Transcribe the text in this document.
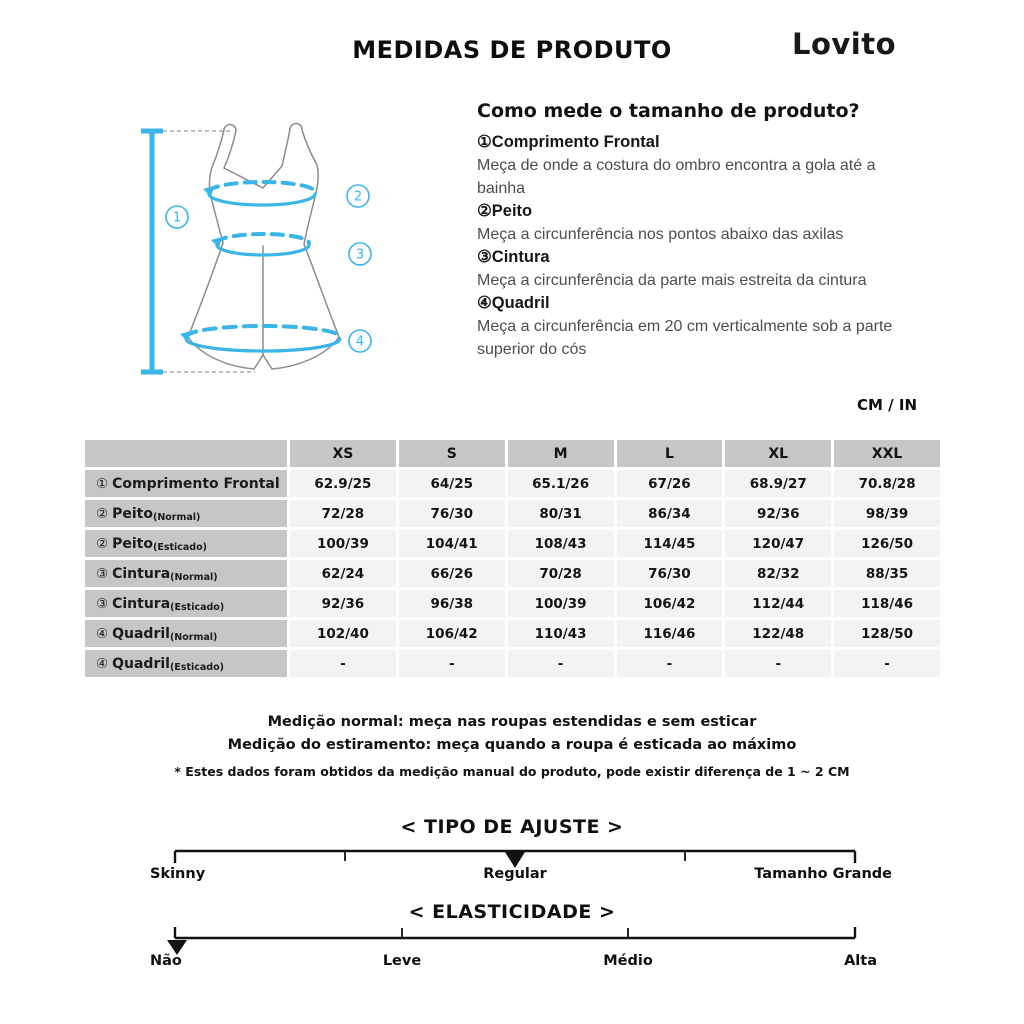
MEDIDAS DE PRODUTO	Lovito
1
2
3
4
Como mede o tamanho de produto?
①Comprimento Frontal
Meça de onde a costura do ombro encontra a gola até a bainha
②Peito
Meça a circunferência nos pontos abaixo das axilas
③Cintura
Meça a circunferência da parte mais estreita da cintura
④Quadril
Meça a circunferência em 20 cm verticalmente sob a parte superior do cós
CM / IN
XS	S	M	L	XL	XXL
① Comprimento Frontal	62.9/25	64/25	65.1/26	67/26	68.9/27	70.8/28
② Peito (Normal)	72/28	76/30	80/31	86/34	92/36	98/39
② Peito (Esticado)	100/39	104/41	108/43	114/45	120/47	126/50
③ Cintura (Normal)	62/24	66/26	70/28	76/30	82/32	88/35
③ Cintura (Esticado)	92/36	96/38	100/39	106/42	112/44	118/46
④ Quadril (Normal)	102/40	106/42	110/43	116/46	122/48	128/50
④ Quadril (Esticado)	-	-	-	-	-	-
Medição normal: meça nas roupas estendidas e sem esticar
Medição do estiramento: meça quando a roupa é esticada ao máximo
* Estes dados foram obtidos da medição manual do produto, pode existir diferença de 1 ~ 2 CM
< TIPO DE AJUSTE >
Skinny	Regular	Tamanho Grande
< ELASTICIDADE >
Não	Leve	Médio	Alta
